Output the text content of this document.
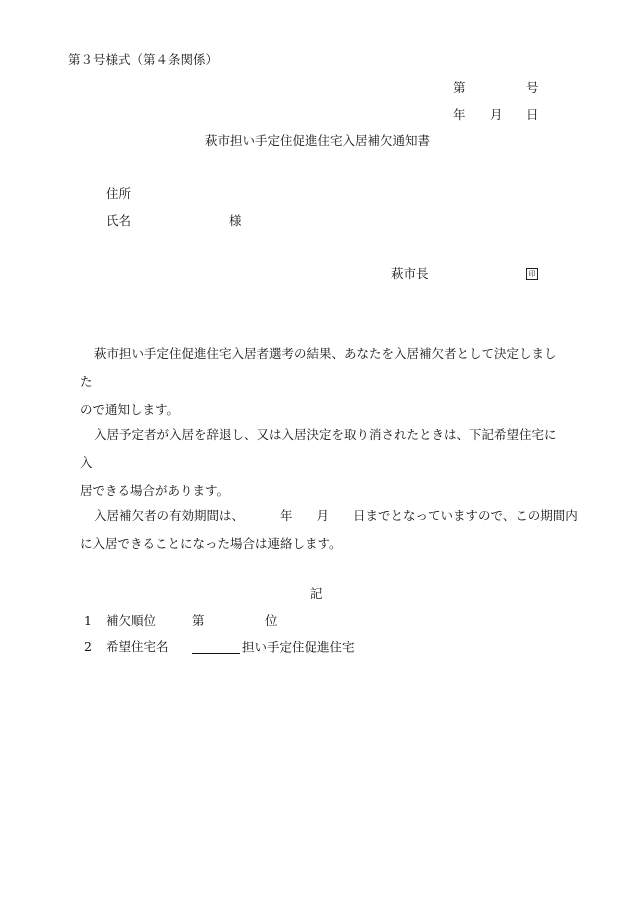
第３号様式（第４条関係）
第	号
年 月 日
萩市担い手定住促進住宅入居補欠通知書
住所
氏名	様
萩市長	印
萩市担い手定住促進住宅入居者選考の結果、あなたを入居補欠者として決定しました
ので通知します。
入居予定者が入居を辞退し、又は入居決定を取り消されたときは、下記希望住宅に入
居できる場合があります。
入居補欠者の有効期間は、	年 月 日までとなっていますので、この期間内
に入居できることになった場合は連絡します。
記
1 補欠順位	第	位
2 希望住宅名	担い手定住促進住宅
